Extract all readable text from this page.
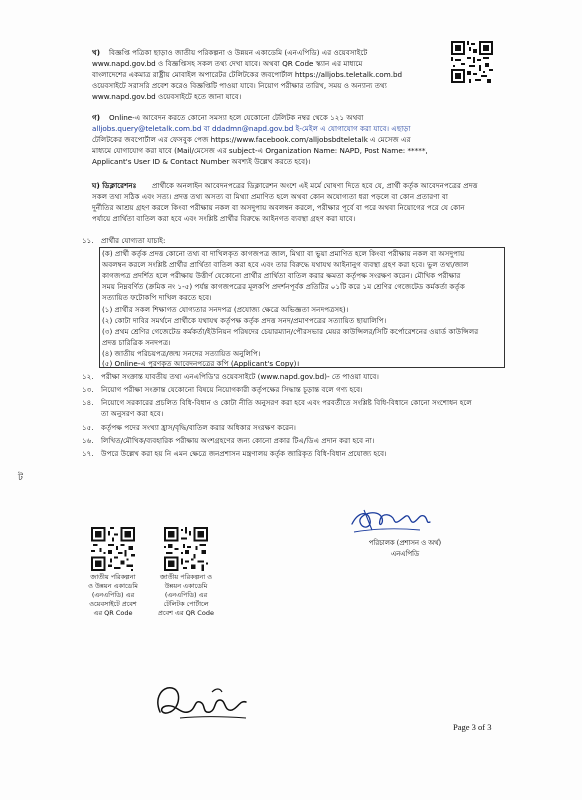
খ) বিজ্ঞপ্তি পত্রিকা ছাড়াও জাতীয় পরিকল্পনা ও উন্নয়ন একাডেমি (এনএপিডি) এর ওয়েবসাইটে
www.napd.gov.bd ও বিজ্ঞপ্তিসহ সকল তথ্য দেখা যাবে। অথবা QR Code স্ক্যান এর মাধ্যমে
বাংলাদেশের একমাত্র রাষ্ট্রীয় মোবাইল অপারেটর টেলিটকের জবপোর্টাল https://alljobs.teletalk.com.bd
ওয়েবসাইটে সরাসরি প্রবেশ করেও বিজ্ঞপ্তিটি পাওয়া যাবে। নিয়োগ পরীক্ষার তারিখ, সময় ও অন্যান্য তথ্য
www.napd.gov.bd ওয়েবসাইটে হতে জানা যাবে।
গ) Online-এ আবেদন করতে কোনো সমস্যা হলে যেকোনো টেলিটক নম্বর থেকে ১২১ অথবা
alljobs.query@teletalk.com.bd বা ddadmn@napd.gov.bd ই-মেইল এ যোগাযোগ করা যাবে। এছাড়া
টেলিটকের জবপোর্টাল এর ফেসবুক পেজ https://www.facebook.com/alljobsbdteletalk এ মেসেজ এর
মাধ্যমে যোগাযোগ করা যাবে (Mail/মেসেজ এর subject-এ Organization Name: NAPD, Post Name: *****,
Applicant's User ID & Contact Number অবশ্যই উল্লেখ করতে হবে)।
ঘ) ডিক্লারেশনঃ প্রার্থীকে অনলাইন আবেদনপত্রের ডিক্লারেশন অংশে এই মর্মে ঘোষণা দিতে হবে যে, প্রার্থী কর্তৃক আবেদনপত্রের প্রদত্ত
সকল তথ্য সঠিক এবং সত্য। প্রদত্ত তথ্য অসত্য বা মিথ্যা প্রমাণিত হলে অথবা কোন অযোগ্যতা ধরা পড়লে বা কোন প্রতারণা বা
দুর্নীতির আশ্রয় গ্রহণ করলে কিংবা পরীক্ষায় নকল বা অসদুপায় অবলম্বন করলে, পরীক্ষার পূর্বে বা পরে অথবা নিয়োগের পরে যে কোন
পর্যায়ে প্রার্থিতা বাতিল করা হবে এবং সংশ্লিষ্ট প্রার্থীর বিরুদ্ধে আইনগত ব্যবস্থা গ্রহণ করা যাবে।
১১. প্রার্থীর যোগ্যতা যাচাই:
(ক) প্রার্থী কর্তৃক প্রদত্ত কোনো তথ্য বা দাখিলকৃত কাগজপত্র জাল, মিথ্যা বা ভুয়া প্রমাণিত হলে কিংবা পরীক্ষায় নকল বা অসদুপায়
অবলম্বন করলে সংশ্লিষ্ট প্রার্থীর প্রার্থিতা বাতিল করা হবে এবং তার বিরুদ্ধে যথাযথ আইনানুগ ব্যবস্থা গ্রহণ করা হবে। ভুল তথ্য/জাল
কাগজপত্র প্রদর্শিত হলে পরীক্ষায় উত্তীর্ণ যেকোনো প্রার্থীর প্রার্থিতা বাতিল করার ক্ষমতা কর্তৃপক্ষ সংরক্ষণ করেন। মৌখিক পরীক্ষার
সময় নিম্নবর্ণিত (ক্রমিক নং ১-৫) পর্যন্ত কাগজপত্রের মূলকপি প্রদর্শনপূর্বক প্রতিটির ০১টি করে ১ম শ্রেণির গেজেটেড কর্মকর্তা কর্তৃক
সত্যায়িত ফটোকপি দাখিল করতে হবে।
(১) প্রার্থীর সকল শিক্ষাগত যোগ্যতার সনদপত্র (প্রযোজ্য ক্ষেত্রে অভিজ্ঞতা সনদপত্রসহ)।
(২) কোটা দাবির সমর্থনে প্রার্থীকে যথাযথ কর্তৃপক্ষ কর্তৃক প্রদত্ত সনদ/প্রমাণপত্রের সত্যায়িত ছায়ালিপি।
(৩) প্রথম শ্রেণির গেজেটেড কর্মকর্তা/ইউনিয়ন পরিষদের চেয়ারম্যান/পৌরসভার মেয়র কাউন্সিলর/সিটি কর্পোরেশনের ওয়ার্ড কাউন্সিলর
প্রদত্ত চারিত্রিক সনদপত্র।
(৪) জাতীয় পরিচয়পত্র/জন্ম সনদের সত্যায়িত অনুলিপি।
(৫) Online-এ পূরণকৃত আবেদনপত্রের কপি (Applicant's Copy)।
১২. পরীক্ষা সংক্রান্ত যাবতীয় তথ্য এনএপিডি'র ওয়েবসাইটে (www.napd.gov.bd)- তে পাওয়া যাবে।
১৩. নিয়োগ পরীক্ষা সংক্রান্ত যেকোনো বিষয়ে নিয়োগকারী কর্তৃপক্ষের সিদ্ধান্ত চূড়ান্ত বলে গণ্য হবে।
১৪. নিয়োগে সরকারের প্রচলিত বিধি-বিধান ও কোটা নীতি অনুসরণ করা হবে এবং পরবর্তীতে সংশ্লিষ্ট বিধি-বিধানে কোনো সংশোধন হলে
তা অনুসরণ করা হবে।
১৫. কর্তৃপক্ষ পদের সংখ্যা হ্রাস/বৃদ্ধি/বাতিল করার অধিকার সংরক্ষণ করেন।
১৬. লিখিত/মৌখিক/ব্যবহারিক পরীক্ষায় অংশগ্রহণের জন্য কোনো প্রকার টিএ/ডিএ প্রদান করা হবে না।
১৭. উপরে উল্লেখ করা হয় নি এমন ক্ষেত্রে জনপ্রশাসন মন্ত্রণালয় কর্তৃক জারিকৃত বিধি-বিধান প্রযোজ্য হবে।
ট
জাতীয় পরিকল্পনা
ও উন্নয়ন একাডেমি
(এনএপিডি) এর
ওয়েবসাইটে প্রবেশ
এর QR Code
জাতীয় পরিকল্পনা ও
উন্নয়ন একাডেমি
(এনএপিডি) এর
টেলিটক পোর্টালে
প্রবেশ এর QR Code
পরিচালক (প্রশাসন ও অর্থ)
এনএপিডি
Page 3 of 3
